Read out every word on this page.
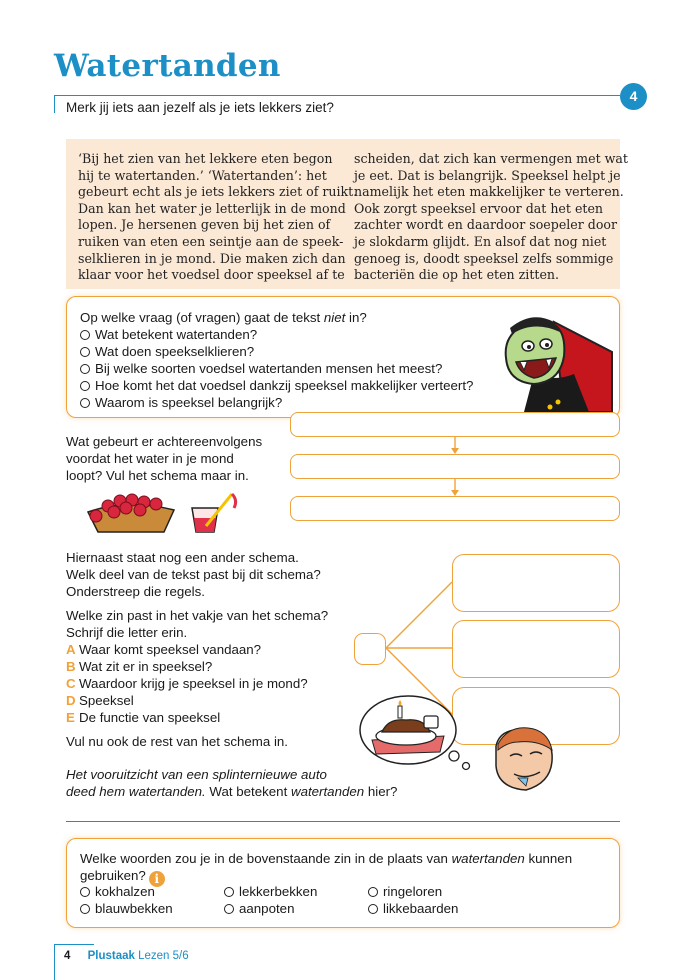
Watertanden
4
Merk jij iets aan jezelf als je iets lekkers ziet?

‘Bij het zien van het lekkere eten begon

hij te watertanden.’ ‘Watertanden’: het

gebeurt echt als je iets lekkers ziet of ruikt.

Dan kan het water je letterlijk in de mond

lopen. Je hersenen geven bij het zien of

ruiken van eten een seintje aan de speek-

selklieren in je mond. Die maken zich dan

klaar voor het voedsel door speeksel af te

scheiden, dat zich kan vermengen met wat

je eet. Dat is belangrijk. Speeksel helpt je

namelijk het eten makkelijker te verteren.

Ook zorgt speeksel ervoor dat het eten

zachter wordt en daardoor soepeler door

je slokdarm glijdt. En alsof dat nog niet

genoeg is, doodt speeksel zelfs sommige

bacteriën die op het eten zitten.

Op welke vraag (of vragen) gaat de tekst niet in?
Wat betekent watertanden?
Wat doen speekselklieren?
Bij welke soorten voedsel watertanden mensen het meest?
Hoe komt het dat voedsel dankzij speeksel makkelijker verteert?
Waarom is speeksel belangrijk?
Wat gebeurt er achtereenvolgens
voordat het water in je mond
loopt? Vul het schema maar in.
Hiernaast staat nog een ander schema.
Welk deel van de tekst past bij dit schema?
Onderstreep die regels.
Welke zin past in het vakje van het schema?
Schrijf die letter erin.
A Waar komt speeksel vandaan?
B Wat zit er in speeksel?
C Waardoor krijg je speeksel in je mond?
D Speeksel
E De functie van speeksel
Vul nu ook de rest van het schema in.
Het vooruitzicht van een splinternieuwe auto
deed hem watertanden. Wat betekent watertanden hier?
Welke woorden zou je in de bovenstaande zin in de plaats van watertanden kunnen
gebruiken? i
kokhalzen	lekkerbekken	ringeloren
blauwbekken	aanpoten	likkebaarden
4 Plustaak Lezen 5/6
